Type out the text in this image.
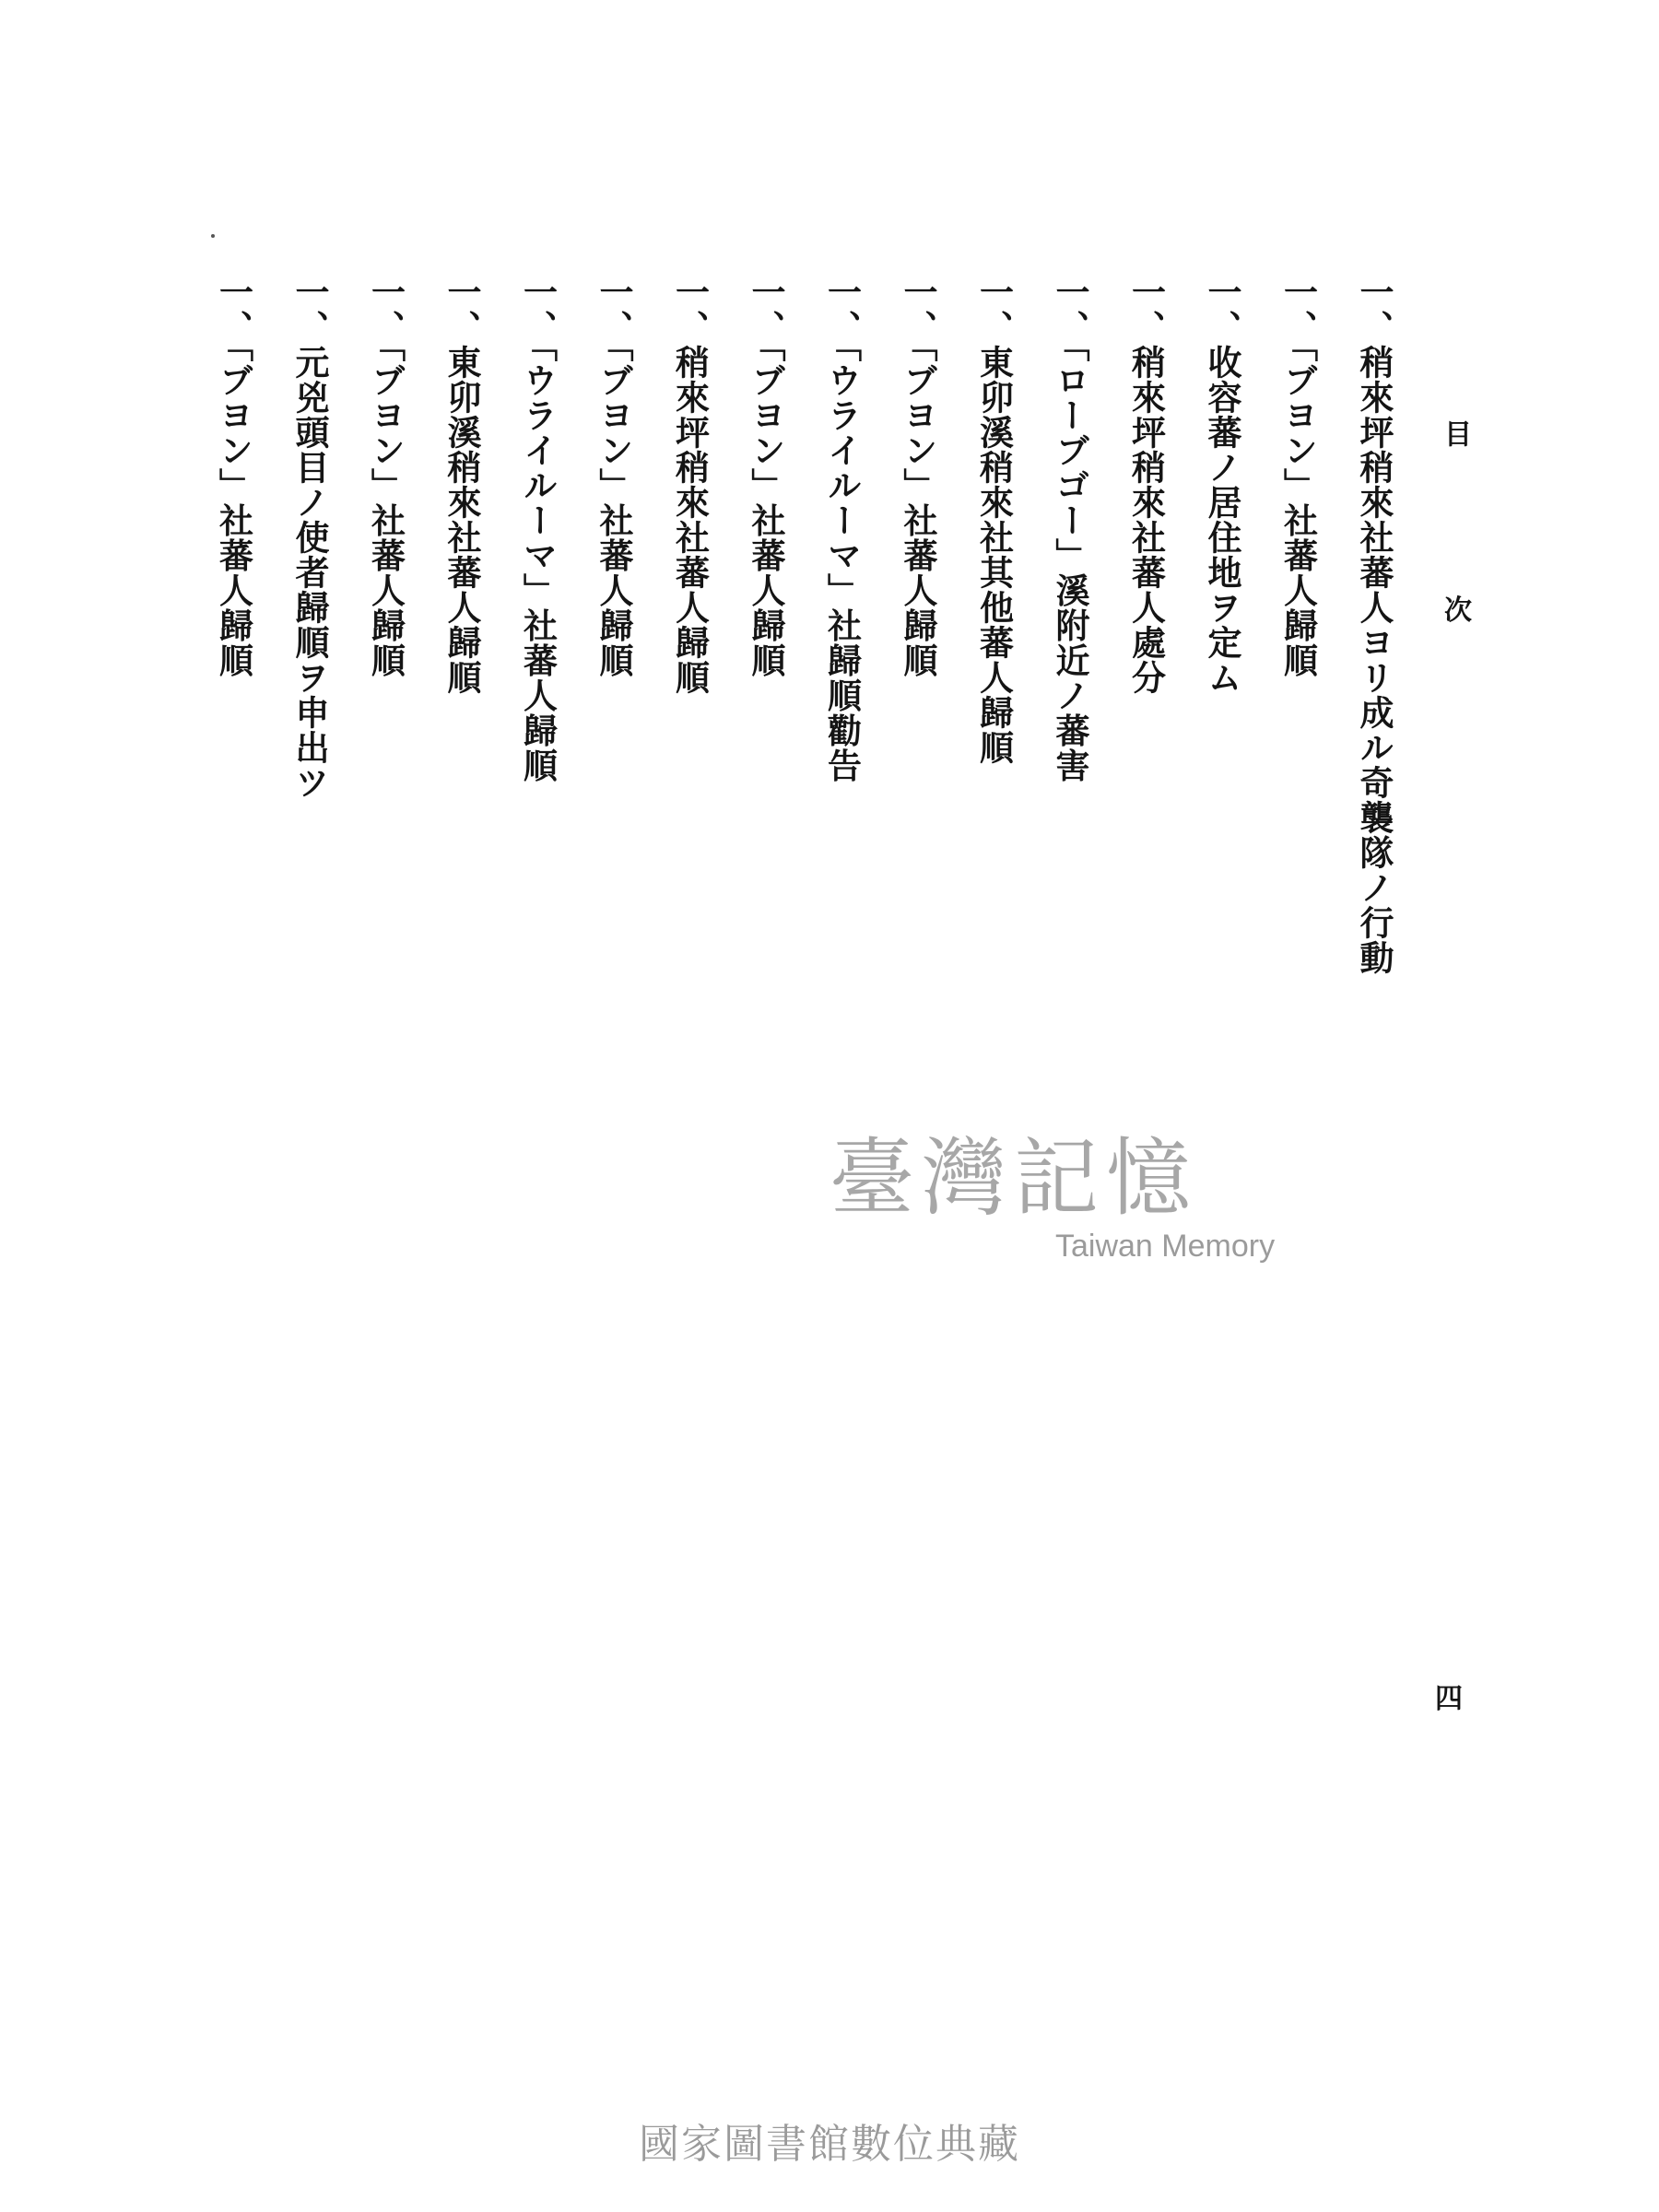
目 次
一、稍來坪稍來社蕃人ヨリ成ル奇襲隊ノ行動
一、「ブヨン」社蕃人歸順
一、收容蕃ノ居住地ヲ定ム
一、稍來坪稍來社蕃人處分
一、「ローブゴー」溪附近ノ蕃害
一、東卯溪稍來社其他蕃人歸順
一、「ブヨン」社蕃人歸順
一、「ウライルーマ」社歸順勸告
一、「ブヨン」社蕃人歸順
一、稍來坪稍來社蕃人歸順
一、「ブヨン」社蕃人歸順
一、「ウライルーマ」社蕃人歸順
一、東卯溪稍來社蕃人歸順
一、「ブヨン」社蕃人歸順
一、元兇頭目ノ使者歸順ヲ申出ツ
一、「ブヨン」社蕃人歸順
四
臺灣記憶
Taiwan Memory
國家圖書館數位典藏
